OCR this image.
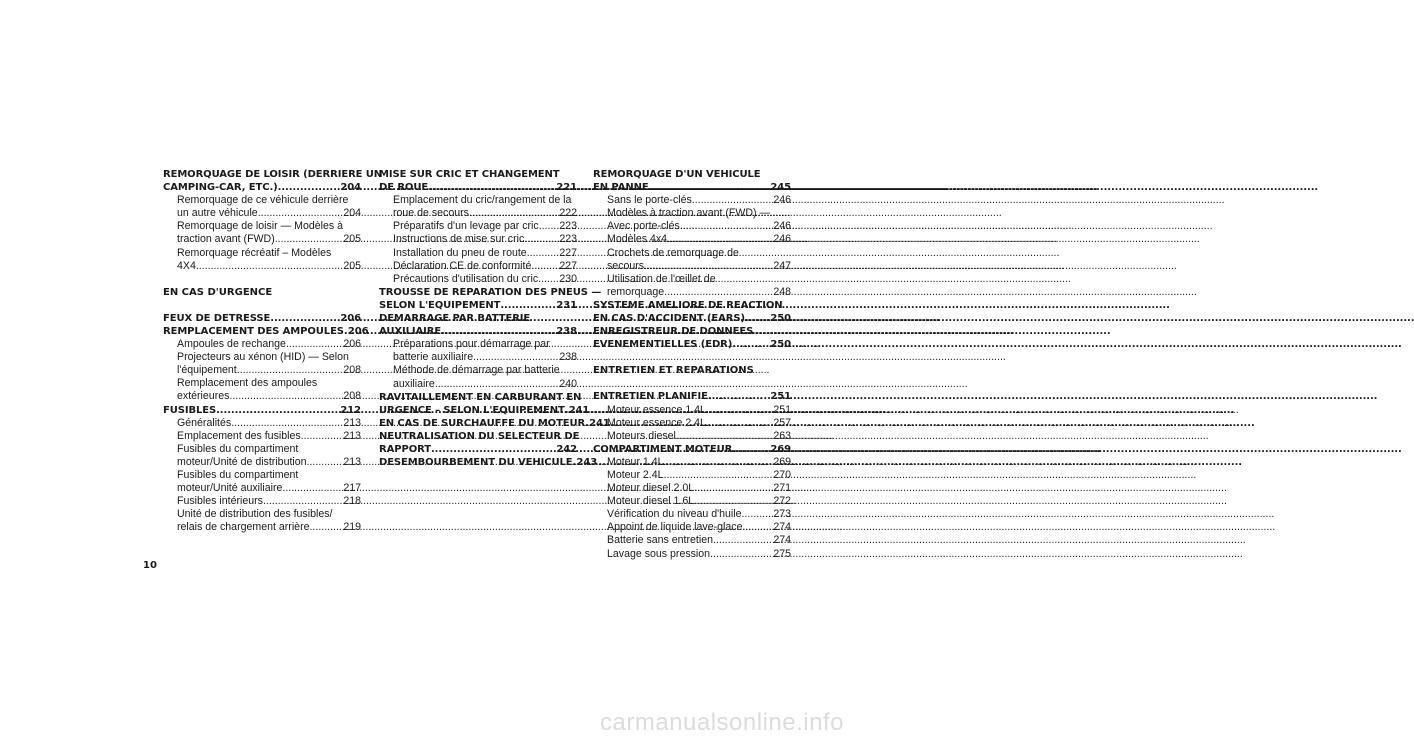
REMORQUAGE DE LOISIR (DERRIERE UN
CAMPING-CAR, ETC.) .....	204
Remorquage de ce véhicule derrière
un autre véhicule .....	204
Remorquage de loisir — Modèles à
traction avant (FWD) .....	205
Remorquage récréatif – Modèles
4X4 .....	205
EN CAS D'URGENCE
FEUX DE DETRESSE .....	206
REMPLACEMENT DES AMPOULES ..... 206
Ampoules de rechange .....	206
Projecteurs au xénon (HID) — Selon
l'équipement .....	208
Remplacement des ampoules
extérieures .....	208
FUSIBLES .....	212
Généralités .....	213
Emplacement des fusibles .....	213
Fusibles du compartiment
moteur/Unité de distribution .....	213
Fusibles du compartiment
moteur/Unité auxiliaire .....	217
Fusibles intérieurs .....	218
Unité de distribution des fusibles/
relais de chargement arrière .....	219
MISE SUR CRIC ET CHANGEMENT
DE ROUE .....	221
Emplacement du cric/rangement de la
roue de secours .....	222
Préparatifs d'un levage par cric ..... 223
Instructions de mise sur cric .....	223
Installation du pneu de route .....	227
Déclaration CE de conformité .....	227
Précautions d'utilisation du cric ..... 230
TROUSSE DE REPARATION DES PNEUS —
SELON L'EQUIPEMENT .....	231
DEMARRAGE PAR BATTERIE
AUXILIAIRE .....	238
Préparations pour démarrage par
batterie auxiliaire .....	238
Méthode de démarrage par batterie
auxiliaire .....	240
RAVITAILLEMENT EN CARBURANT EN
URGENCE – SELON L'EQUIPEMENT ..... 241
EN CAS DE SURCHAUFFE DU MOTEUR ..... 241
NEUTRALISATION DU SELECTEUR DE
RAPPORT .....	242
DESEMBOURBEMENT DU VEHICULE ..... 243
REMORQUAGE D'UN VEHICULE
EN PANNE .....	245
Sans le porte-clés .....	246
Modèles à traction avant (FWD) —
Avec porte-clés .....	246
Modèles 4x4 .....	246
Crochets de remorquage de
secours .....	247
Utilisation de l'œillet de
remorquage .....	248
SYSTEME AMELIORE DE REACTION
EN CAS D'ACCIDENT (EARS) .....	250
ENREGISTREUR DE DONNEES
EVENEMENTIELLES (EDR) .....	250
ENTRETIEN ET REPARATIONS
ENTRETIEN PLANIFIE .....	251
Moteur essence 1.4L .....	251
Moteur essence 2.4L .....	257
Moteurs diesel .....	263
COMPARTIMENT MOTEUR .....	269
Moteur 1.4L .....	269
Moteur 2.4L .....	270
Moteur diesel 2.0L .....	271
Moteur diesel 1.6L .....	272
Vérification du niveau d'huile .....	273
Appoint de liquide lave-glace .....	274
Batterie sans entretien .....	274
Lavage sous pression .....	275
10
carmanualsonline.info
